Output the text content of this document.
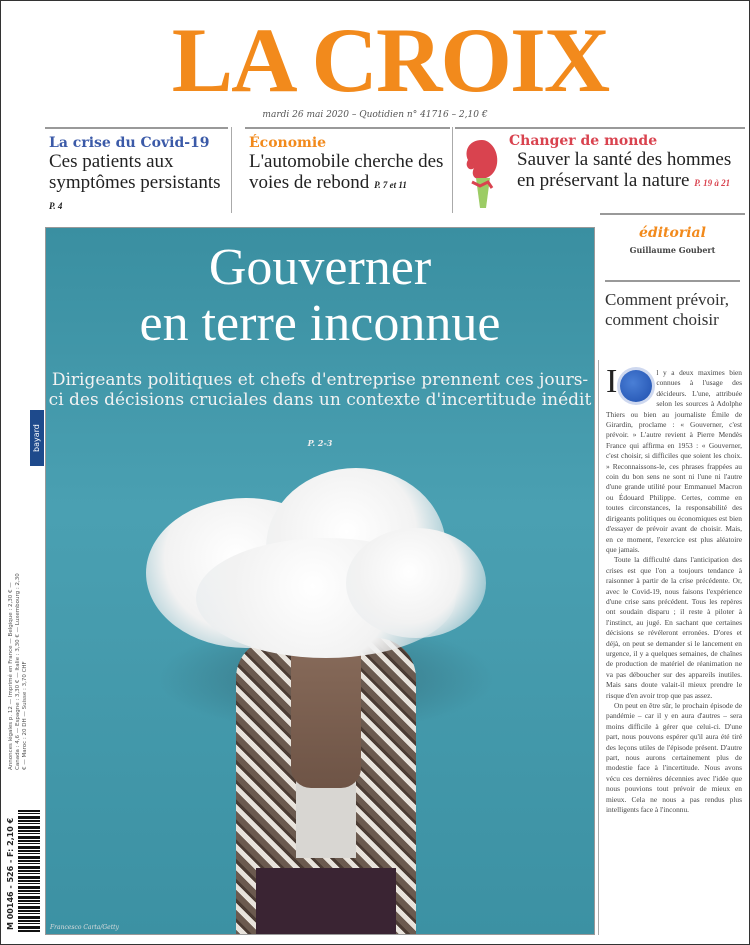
LA CROIX
mardi 26 mai 2020 – Quotidien n° 41716 – 2,10 €
La crise du Covid-19
Ces patients aux symptômes persistants P. 4
Économie
L'automobile cherche des voies de rebond P. 7 et 11
Changer de monde
Sauver la santé des hommes en préservant la nature P. 19 à 21
Gouverner
en terre inconnue
Dirigeants politiques et chefs d'entreprise prennent ces jours-ci des décisions cruciales dans un contexte d'incertitude inédit
P. 2-3
Francesco Carta/Getty
éditorial
Guillaume Goubert
Comment prévoir, comment choisir

I	l y a deux maximes bien connues à l'usage des décideurs. L'une, attribuée selon les sources à Adolphe Thiers ou bien au journaliste Émile de Girardin, proclame : « Gouverner, c'est prévoir. » L'autre revient à Pierre Mendès France qui affirma en 1953 : « Gouverner, c'est choisir, si difficiles que soient les choix. » Reconnaissons-le, ces phrases frappées au coin du bon sens ne sont ni l'une ni l'autre d'une grande utilité pour Emmanuel Macron ou Édouard Philippe. Certes, comme en toutes circonstances, la responsabilité des dirigeants politiques ou économiques est bien d'essayer de prévoir avant de choisir. Mais, en ce moment, l'exercice est plus aléatoire que jamais.

Toute la difficulté dans l'anticipation des crises est que l'on a toujours tendance à raisonner à partir de la crise précédente. Or, avec le Covid-19, nous faisons l'expérience d'une crise sans précédent. Tous les repères ont soudain disparu ; il reste à piloter à l'instinct, au jugé. En sachant que certaines décisions se révéleront erronées. D'ores et déjà, on peut se demander si le lancement en urgence, il y a quelques semaines, de chaînes de production de matériel de réanimation ne va pas déboucher sur des appareils inutiles. Mais sans doute valait-il mieux prendre le risque d'en avoir trop que pas assez.

On peut en être sûr, le prochain épisode de pandémie – car il y en aura d'autres – sera moins difficile à gérer que celui-ci. D'une part, nous pouvons espérer qu'il aura été tiré des leçons utiles de l'épisode présent. D'autre part, nous aurons certainement plus de modestie face à l'incertitude. Nous avons vécu ces dernières décennies avec l'idée que nous pouvions tout prévoir de mieux en mieux. Cela ne nous a pas rendus plus intelligents face à l'inconnu.

bayard
Annonces légales p. 12 — Imprimé en France — Belgique : 2,30 € — Canada : 4,6 — Espagne : 3,30 € — Italie : 3,30 € — Luxembourg : 2,30 € — Maroc : 20 DH — Suisse : 3,70 CHF
M 00146 - 526 - F: 2,10 €
